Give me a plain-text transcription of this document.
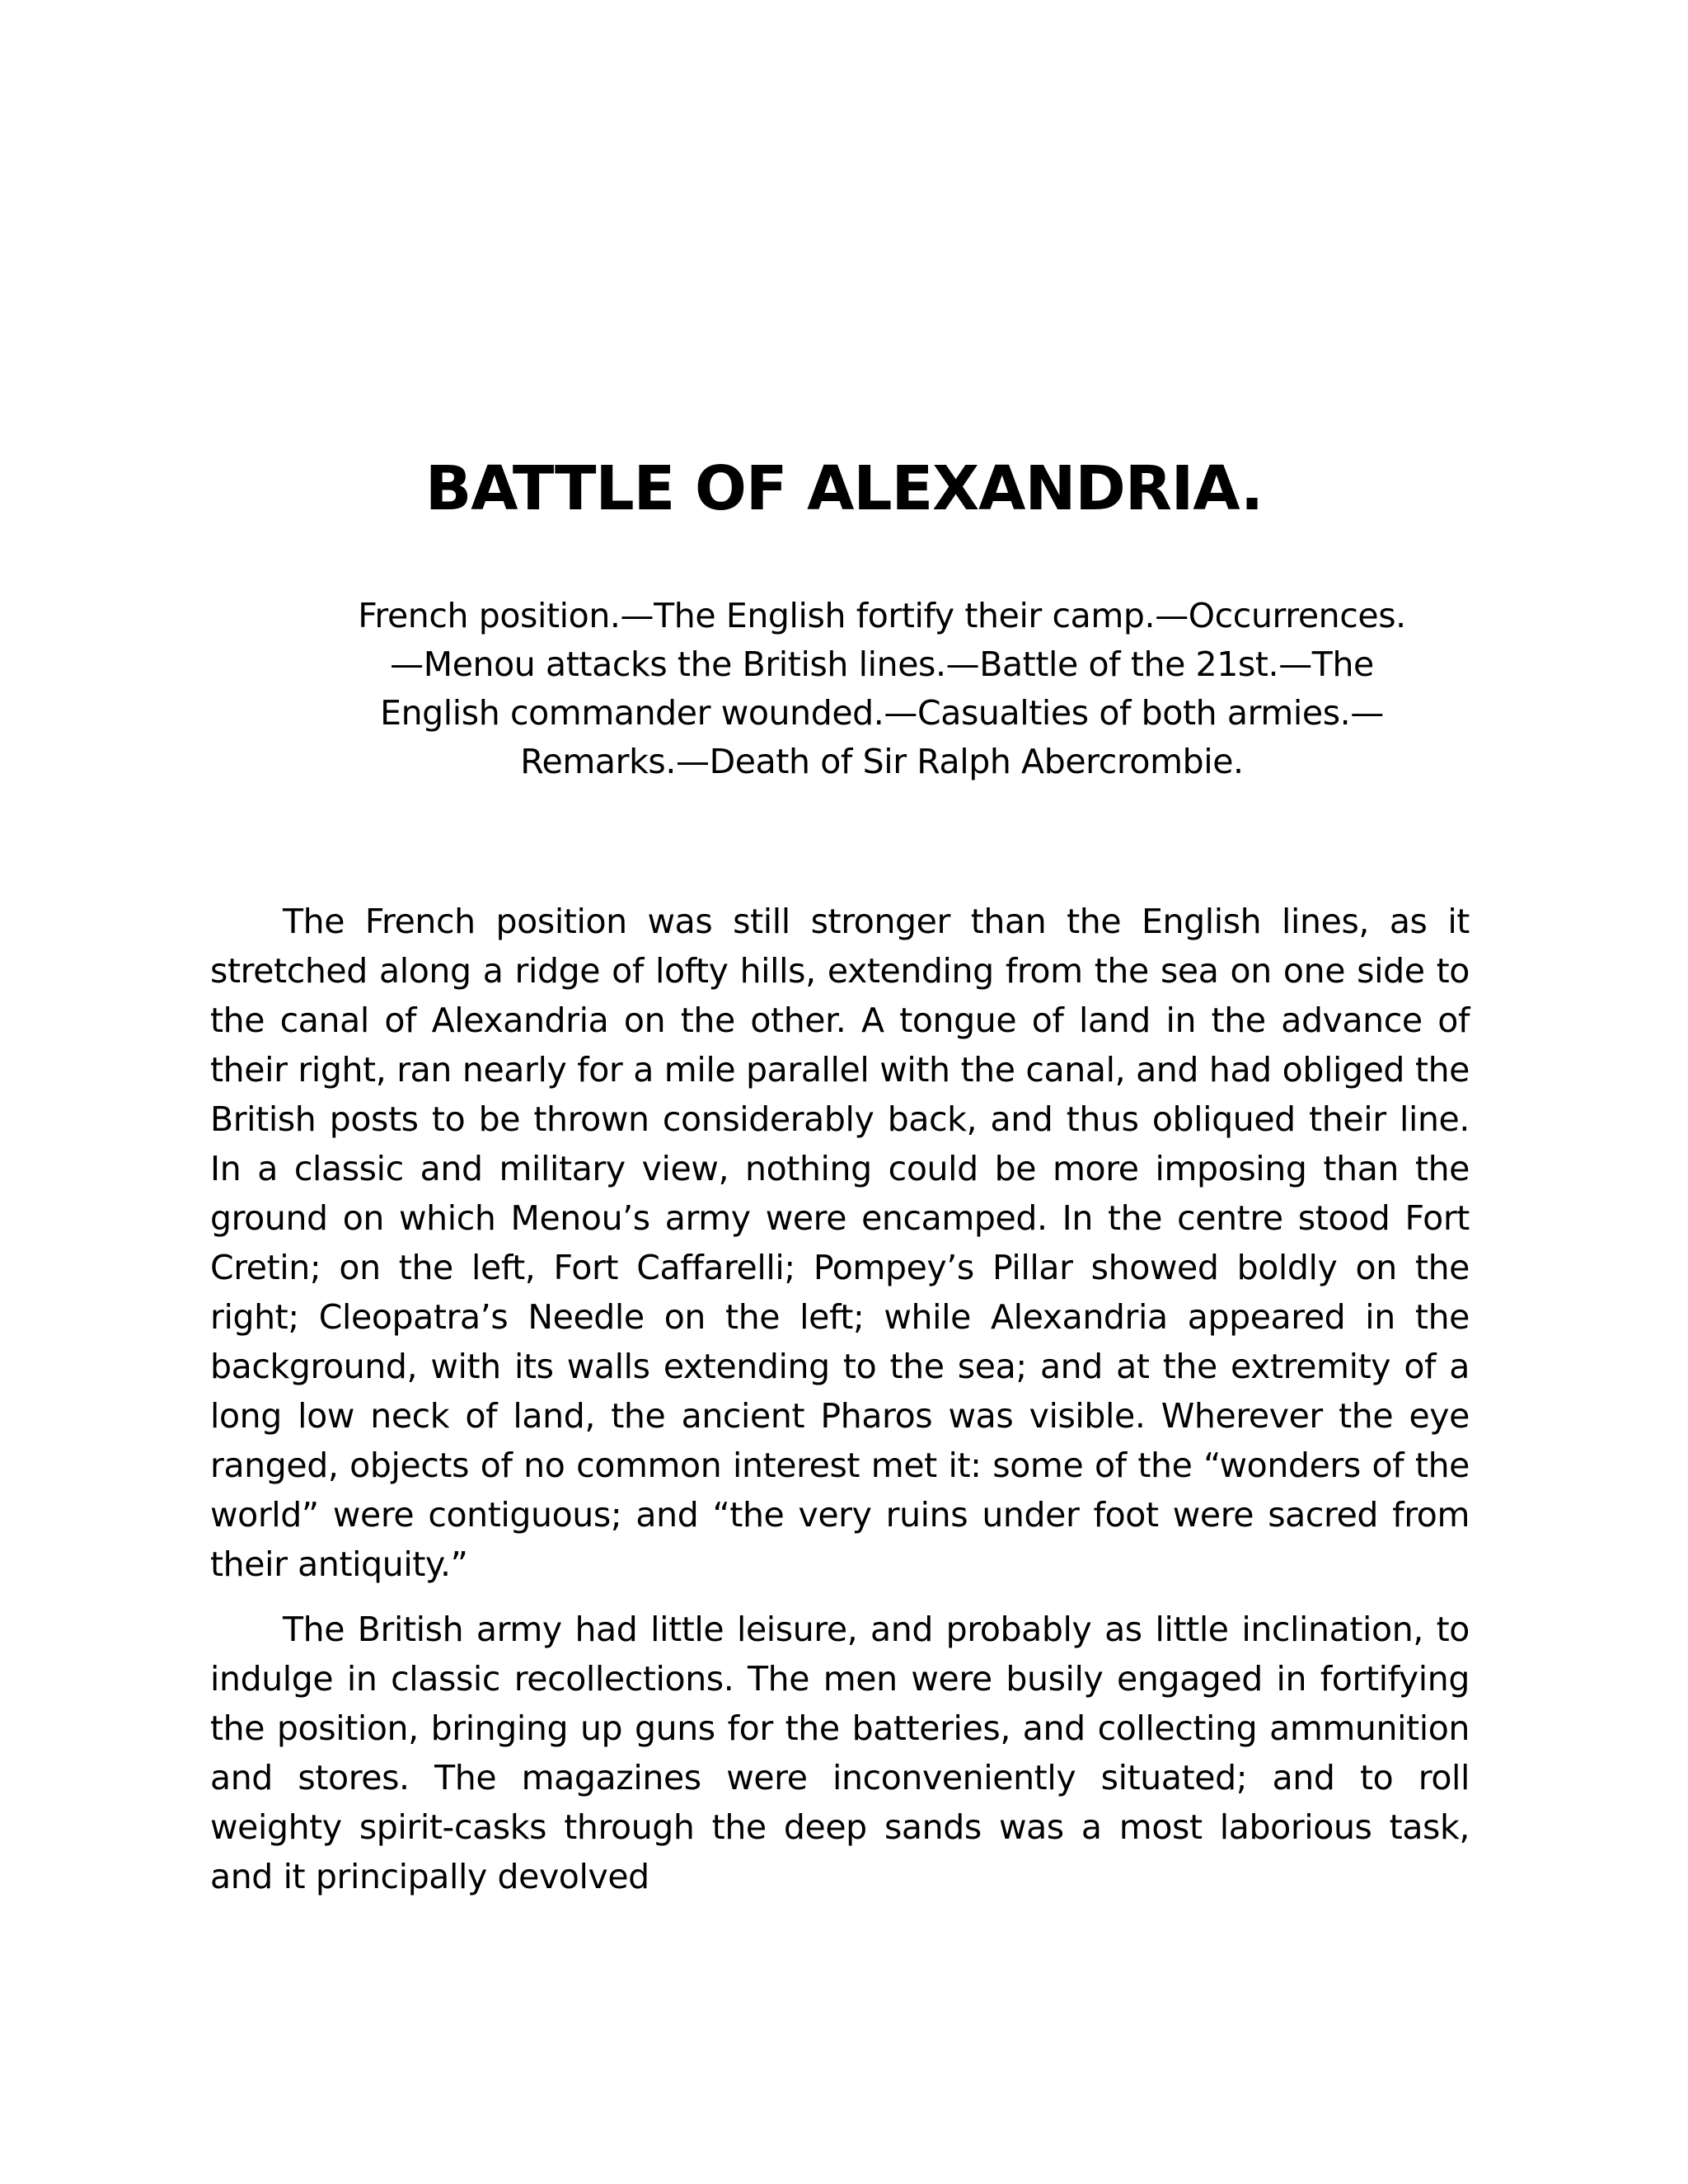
BATTLE OF ALEXANDRIA.

French position.—The English fortify their camp.—Occurrences.—Menou attacks the British lines.—Battle of the 21st.—The English commander wounded.—Casualties of both armies.—Remarks.—Death of Sir Ralph Abercrombie.

The French position was still stronger than the English lines, as it stretched along a ridge of lofty hills, extending from the sea on one side to the canal of Alexandria on the other. A tongue of land in the advance of their right, ran nearly for a mile parallel with the canal, and had obliged the British posts to be thrown considerably back, and thus obliqued their line. In a classic and military view, nothing could be more imposing than the ground on which Menou’s army were encamped. In the centre stood Fort Cretin; on the left, Fort Caffarelli; Pompey’s Pillar showed boldly on the right; Cleopatra’s Needle on the left; while Alexandria appeared in the background, with its walls extending to the sea; and at the extremity of a long low neck of land, the ancient Pharos was visible. Wherever the eye ranged, objects of no common interest met it: some of the “wonders of the world” were contiguous; and “the very ruins under foot were sacred from their antiquity.”

The British army had little leisure, and probably as little inclination, to indulge in classic recollections. The men were busily engaged in fortifying the position, bringing up guns for the batteries, and collecting ammunition and stores. The magazines were inconveniently situated; and to roll weighty spirit-casks through the deep sands was a most laborious task, and it principally devolved
